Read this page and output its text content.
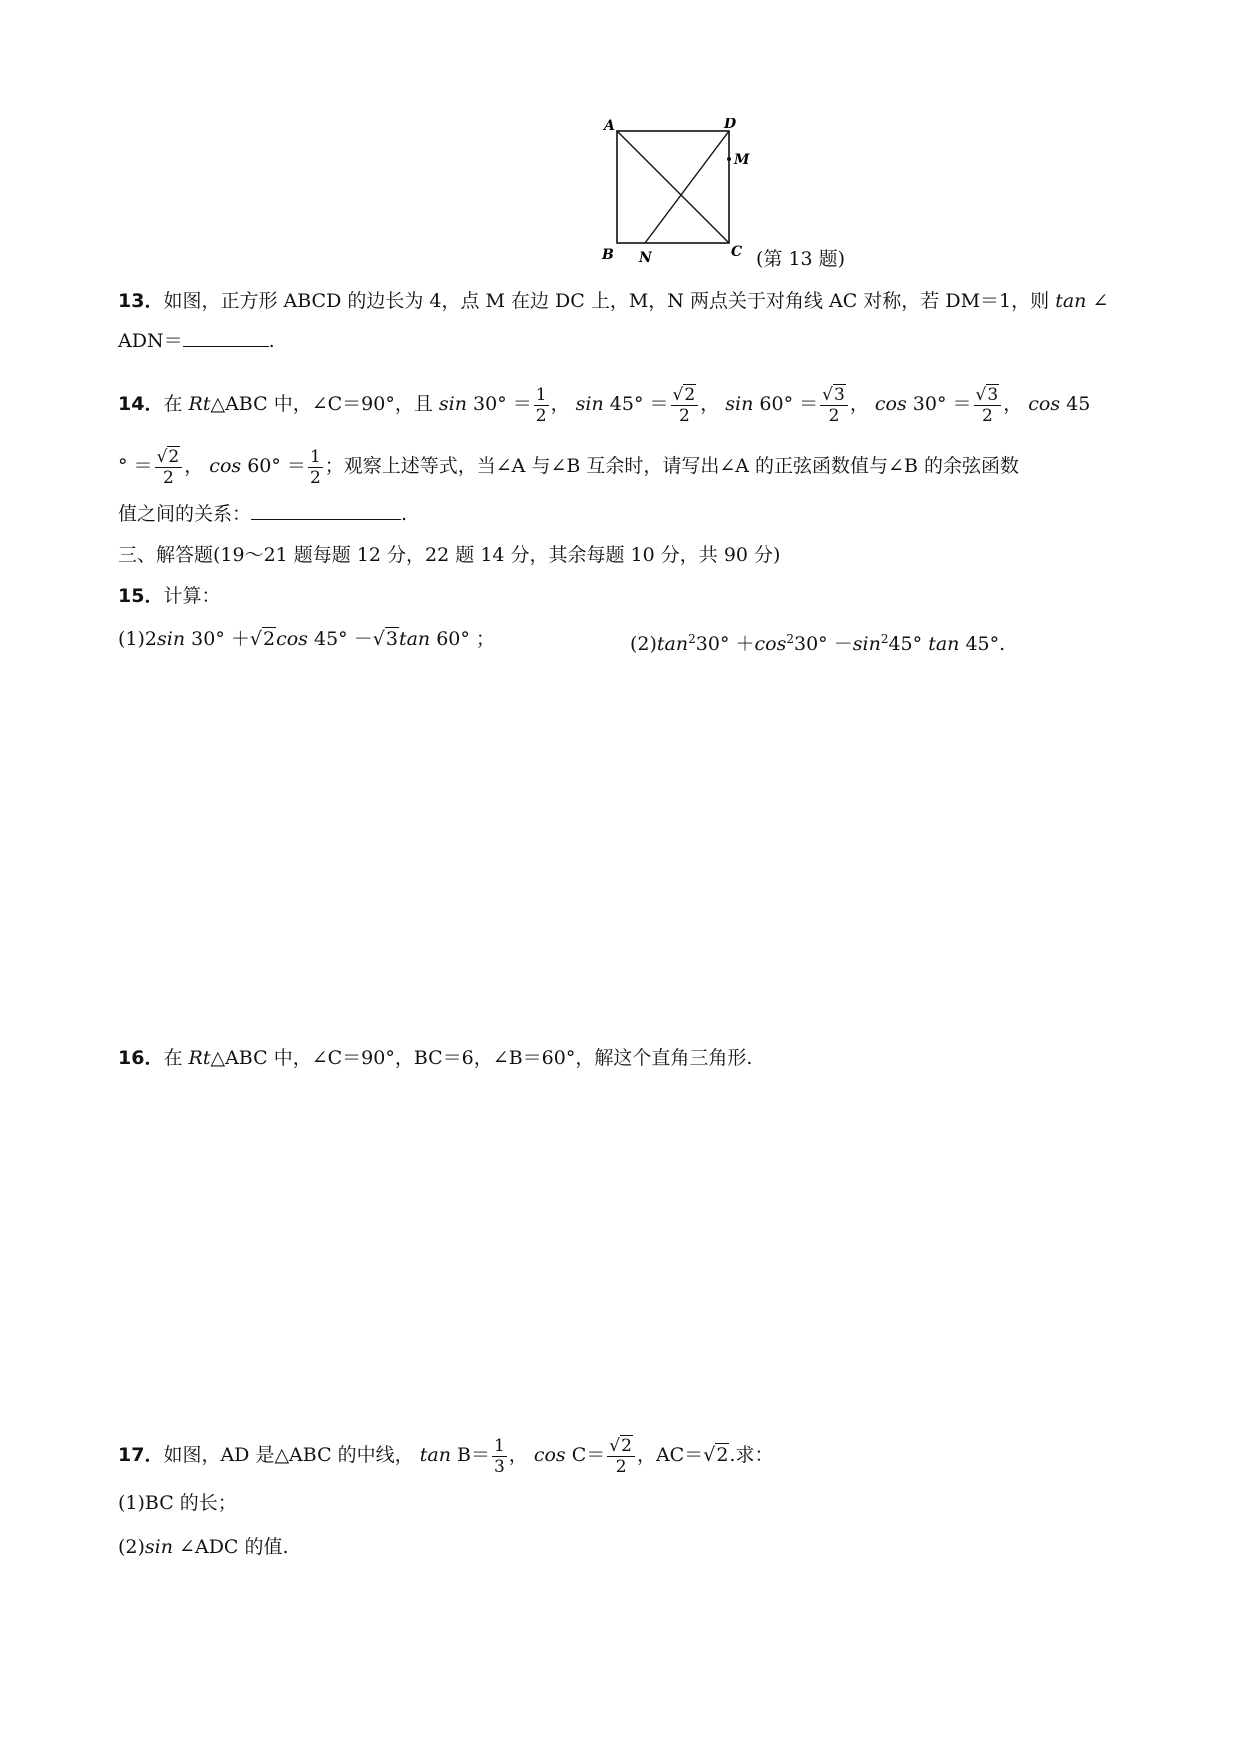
A	D
M
B N	C (第 13 题)
13．如图，正方形 ABCD 的边长为 4，点 M 在边 DC 上，M，N 两点关于对角线 AC 对称，若 DM＝1，则 tan ∠
ADN＝	.
14．在 Rt△ABC 中，∠C＝90°，且 $\sin 30^\circ = \frac{1}{2}$ ， $\sin 45^\circ = \frac{√2}{2}$ ， $\sin 60^\circ = \frac{√3}{2}$ ， $\cos 30^\circ = \frac{√3}{2}$ ， cos 45
° ＝ $\frac{√2}{2}$ ， $\cos 60^\circ = \frac{1}{2}$ ；观察上述等式，当∠A 与∠B 互余时，请写出∠A 的正弦函数值与∠B 的余弦函数
值之间的关系：	.
三、解答题(19～21 题每题 12 分，22 题 14 分，其余每题 10 分，共 90 分)
15．计算：
(1)2sin 30° ＋√2cos 45° －√3tan 60° ；	$(2)\tan^230^\circ +\cos^230^\circ -\sin^245^\circ$ tan 45°.
16．在 Rt△ABC 中，∠C＝90°，BC＝6，∠B＝60°，解这个直角三角形.
17．如图，AD 是△ABC 的中线， $\tan B= \frac{1}{3}$ ， $\cos C= \frac{√2}{2}$ ，AC＝√2.求：
(1)BC 的长；
(2)sin ∠ADC 的值.
